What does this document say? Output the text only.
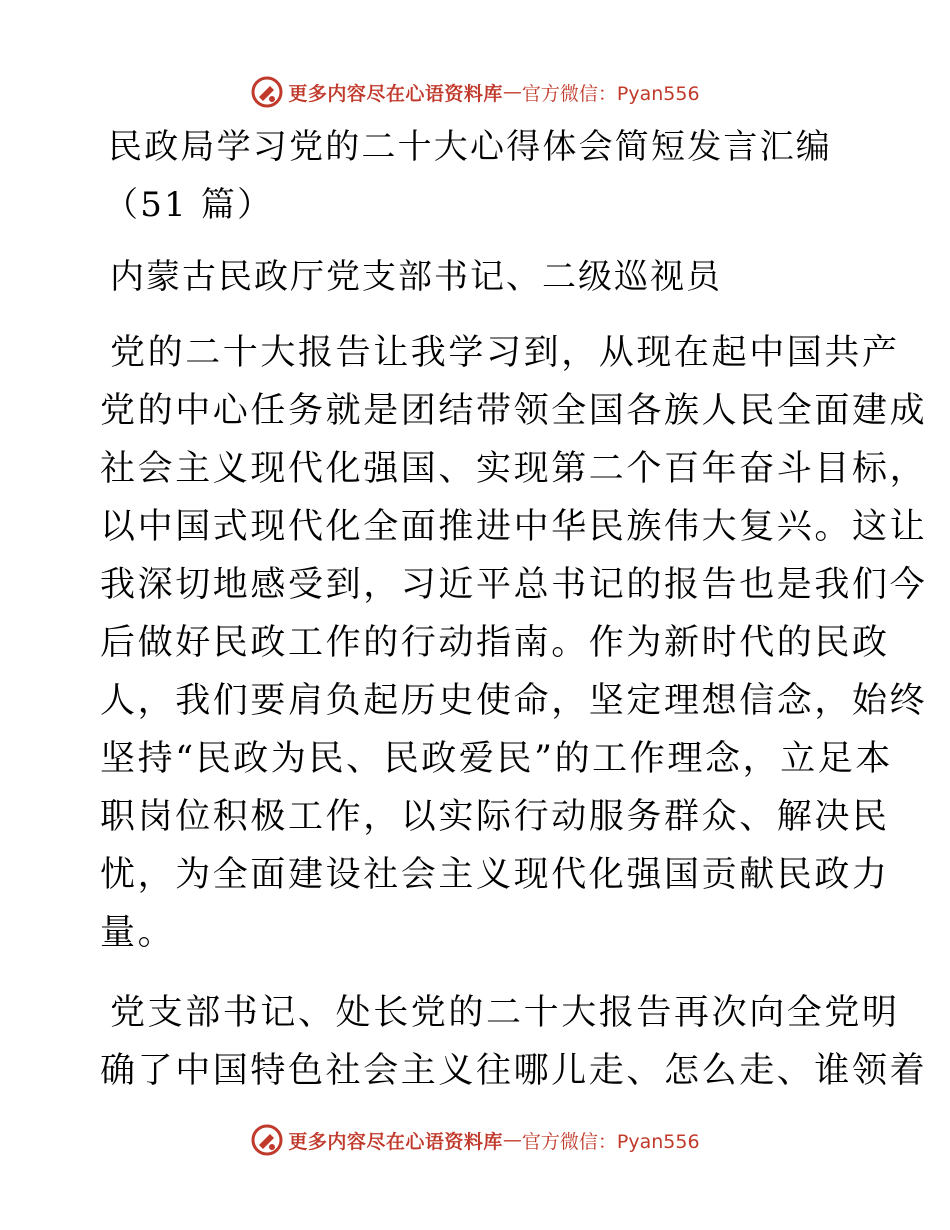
更多内容尽在心语资料库 — 官方微信：Pyan556
民政局学习党的二十大心得体会简短发言汇编
（51 篇）
内蒙古民政厅党支部书记、二级巡视员
党的二十大报告让我学习到，从现在起中国共产
党的中心任务就是团结带领全国各族人民全面建成
社会主义现代化强国、实现第二个百年奋斗目标，
以中国式现代化全面推进中华民族伟大复兴。这让
我深切地感受到，习近平总书记的报告也是我们今
后做好民政工作的行动指南。作为新时代的民政
人，我们要肩负起历史使命，坚定理想信念，始终
坚持“民政为民、民政爱民”的工作理念，立足本
职岗位积极工作，以实际行动服务群众、解决民
忧，为全面建设社会主义现代化强国贡献民政力
量。
党支部书记、处长党的二十大报告再次向全党明
确了中国特色社会主义往哪儿走、怎么走、谁领着
更多内容尽在心语资料库 — 官方微信：Pyan556
